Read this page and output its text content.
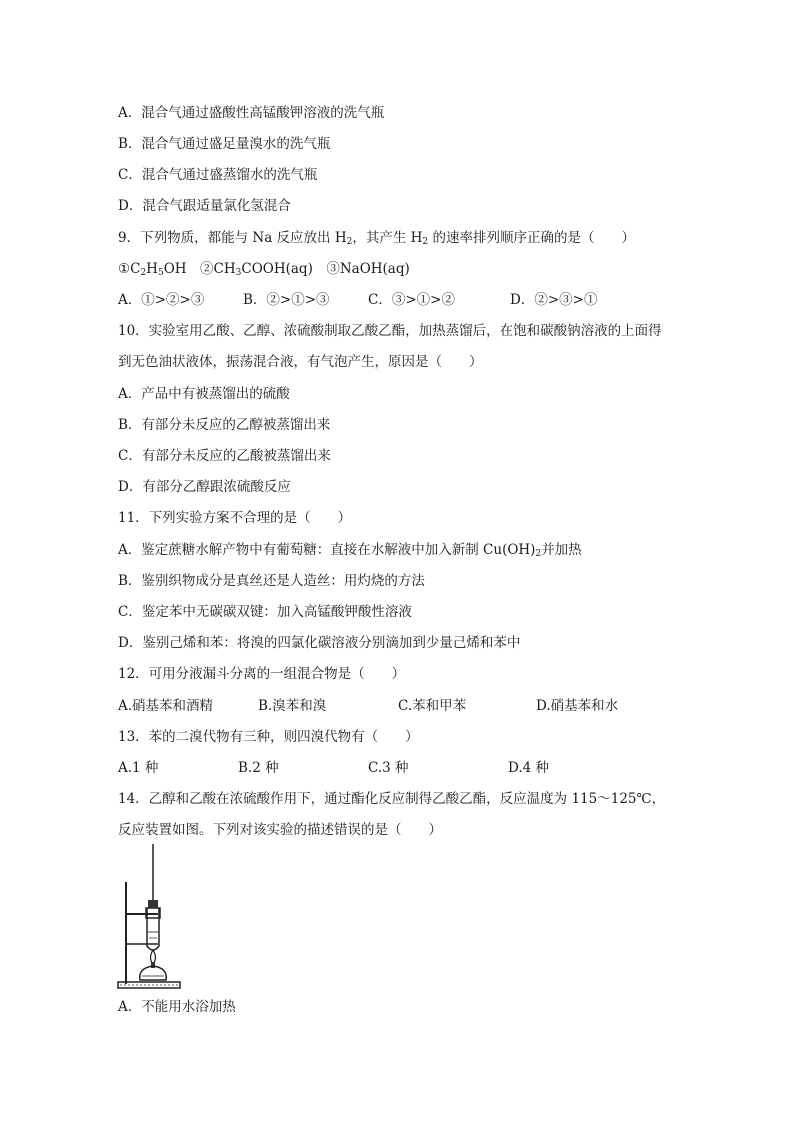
A．混合气通过盛酸性高锰酸钾溶液的洗气瓶
B．混合气通过盛足量溴水的洗气瓶
C．混合气通过盛蒸馏水的洗气瓶
D．混合气跟适量氯化氢混合
9．下列物质，都能与 Na 反应放出 $H_2$，其产生 $H_2$ 的速率排列顺序正确的是（　　）
$①C_2H_5OH$　$②CH_3COOH(aq)$　③NaOH(aq)
A．①>②>③	B．②>①>③	C．③>①>②	D．②>③>①
10．实验室用乙酸、乙醇、浓硫酸制取乙酸乙酯，加热蒸馏后，在饱和碳酸钠溶液的上面得
到无色油状液体，振荡混合液，有气泡产生，原因是（　　）
A．产品中有被蒸馏出的硫酸
B．有部分未反应的乙醇被蒸馏出来
C．有部分未反应的乙酸被蒸馏出来
D．有部分乙醇跟浓硫酸反应
11．下列实验方案不合理的是（　　）
A．鉴定蔗糖水解产物中有葡萄糖：直接在水解液中加入新制 $Cu(OH)_2$并加热
B．鉴别织物成分是真丝还是人造丝：用灼烧的方法
C．鉴定苯中无碳碳双键：加入高锰酸钾酸性溶液
D．鉴别己烯和苯：将溴的四氯化碳溶液分别滴加到少量己烯和苯中
12．可用分液漏斗分离的一组混合物是（　　）
A.硝基苯和酒精	B.溴苯和溴	C.苯和甲苯	D.硝基苯和水
13．苯的二溴代物有三种，则四溴代物有（　　）
A.1 种	B.2 种	C.3 种	D.4 种
14．乙醇和乙酸在浓硫酸作用下，通过酯化反应制得乙酸乙酯，反应温度为 115～125℃，
反应装置如图。下列对该实验的描述错误的是（　　）
A．不能用水浴加热
